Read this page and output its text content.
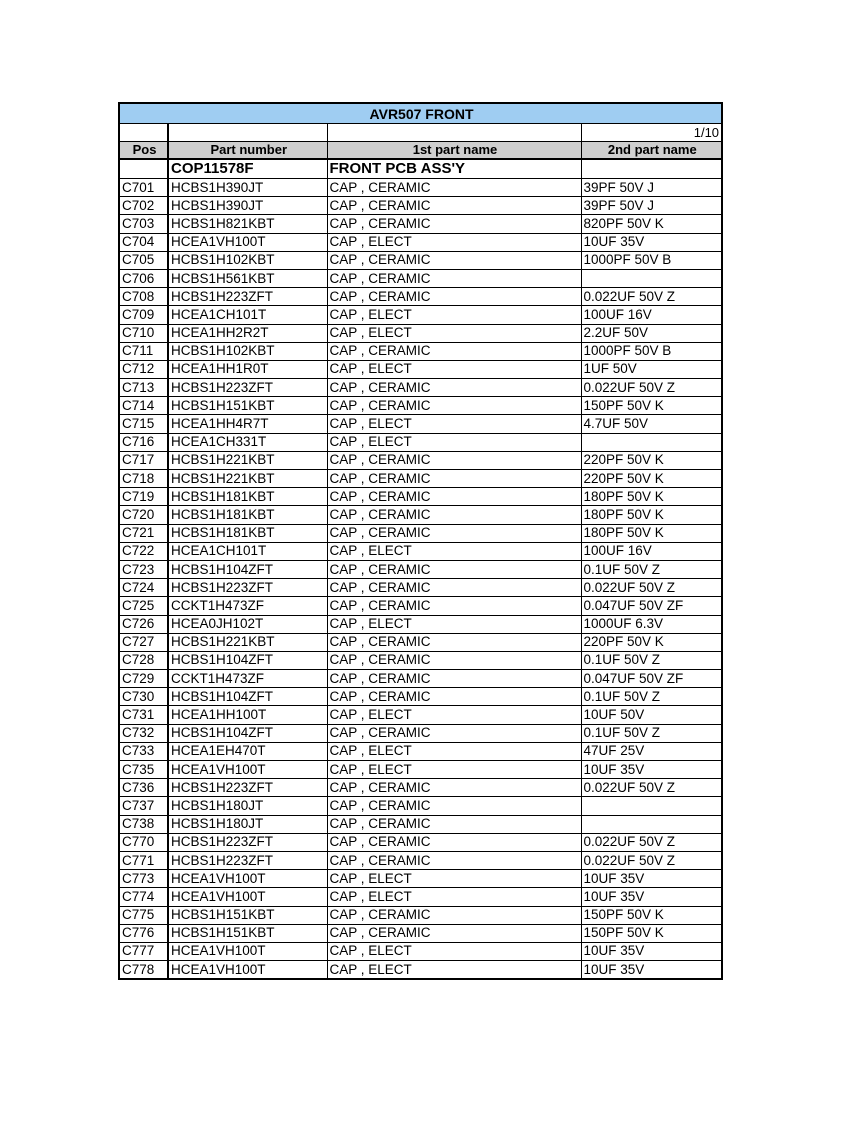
AVR507 FRONT			
			1/10
Pos	Part number	1st part name	2nd part name
	COP11578F	FRONT PCB ASS'Y	
C701	HCBS1H390JT	CAP , CERAMIC	39PF 50V J
C702	HCBS1H390JT	CAP , CERAMIC	39PF 50V J
C703	HCBS1H821KBT	CAP , CERAMIC	820PF 50V K
C704	HCEA1VH100T	CAP , ELECT	10UF 35V
C705	HCBS1H102KBT	CAP , CERAMIC	1000PF 50V B
C706	HCBS1H561KBT	CAP , CERAMIC	
C708	HCBS1H223ZFT	CAP , CERAMIC	0.022UF 50V Z
C709	HCEA1CH101T	CAP , ELECT	100UF 16V
C710	HCEA1HH2R2T	CAP , ELECT	2.2UF 50V
C711	HCBS1H102KBT	CAP , CERAMIC	1000PF 50V B
C712	HCEA1HH1R0T	CAP , ELECT	1UF 50V
C713	HCBS1H223ZFT	CAP , CERAMIC	0.022UF 50V Z
C714	HCBS1H151KBT	CAP , CERAMIC	150PF 50V K
C715	HCEA1HH4R7T	CAP , ELECT	4.7UF 50V
C716	HCEA1CH331T	CAP , ELECT	
C717	HCBS1H221KBT	CAP , CERAMIC	220PF 50V K
C718	HCBS1H221KBT	CAP , CERAMIC	220PF 50V K
C719	HCBS1H181KBT	CAP , CERAMIC	180PF 50V K
C720	HCBS1H181KBT	CAP , CERAMIC	180PF 50V K
C721	HCBS1H181KBT	CAP , CERAMIC	180PF 50V K
C722	HCEA1CH101T	CAP , ELECT	100UF 16V
C723	HCBS1H104ZFT	CAP , CERAMIC	0.1UF 50V Z
C724	HCBS1H223ZFT	CAP , CERAMIC	0.022UF 50V Z
C725	CCKT1H473ZF	CAP , CERAMIC	0.047UF 50V ZF
C726	HCEA0JH102T	CAP , ELECT	1000UF 6.3V
C727	HCBS1H221KBT	CAP , CERAMIC	220PF 50V K
C728	HCBS1H104ZFT	CAP , CERAMIC	0.1UF 50V Z
C729	CCKT1H473ZF	CAP , CERAMIC	0.047UF 50V ZF
C730	HCBS1H104ZFT	CAP , CERAMIC	0.1UF 50V Z
C731	HCEA1HH100T	CAP , ELECT	10UF 50V
C732	HCBS1H104ZFT	CAP , CERAMIC	0.1UF 50V Z
C733	HCEA1EH470T	CAP , ELECT	47UF 25V
C735	HCEA1VH100T	CAP , ELECT	10UF 35V
C736	HCBS1H223ZFT	CAP , CERAMIC	0.022UF 50V Z
C737	HCBS1H180JT	CAP , CERAMIC	
C738	HCBS1H180JT	CAP , CERAMIC	
C770	HCBS1H223ZFT	CAP , CERAMIC	0.022UF 50V Z
C771	HCBS1H223ZFT	CAP , CERAMIC	0.022UF 50V Z
C773	HCEA1VH100T	CAP , ELECT	10UF 35V
C774	HCEA1VH100T	CAP , ELECT	10UF 35V
C775	HCBS1H151KBT	CAP , CERAMIC	150PF 50V K
C776	HCBS1H151KBT	CAP , CERAMIC	150PF 50V K
C777	HCEA1VH100T	CAP , ELECT	10UF 35V
C778	HCEA1VH100T	CAP , ELECT	10UF 35V
